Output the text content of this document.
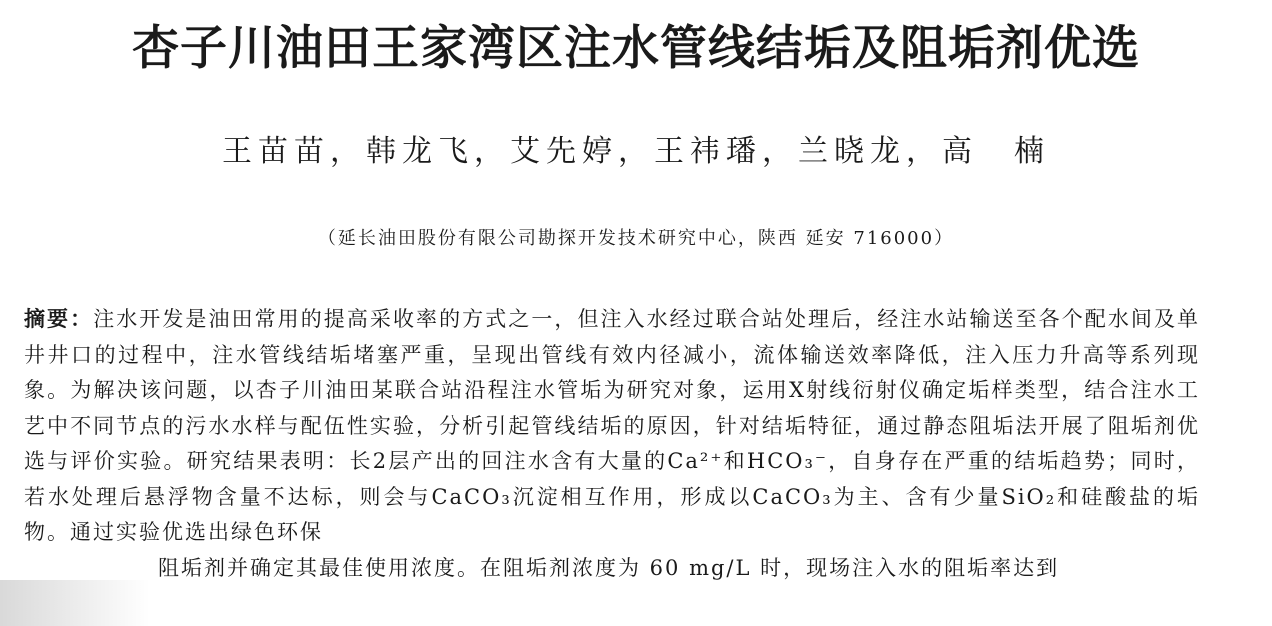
杏子川油田王家湾区注水管线结垢及阻垢剂优选
王苗苗，韩龙飞，艾先婷，王祎璠，兰晓龙，高　楠
（延长油田股份有限公司勘探开发技术研究中心，陕西 延安 716000）
摘要：注水开发是油田常用的提高采收率的方式之一，但注入水经过联合站处理后，经注水站输送至各个配水间及单井井口的过程中，注水管线结垢堵塞严重，呈现出管线有效内径减小，流体输送效率降低，注入压力升高等系列现象。为解决该问题，以杏子川油田某联合站沿程注水管垢为研究对象，运用X射线衍射仪确定垢样类型，结合注水工艺中不同节点的污水水样与配伍性实验，分析引起管线结垢的原因，针对结垢特征，通过静态阻垢法开展了阻垢剂优选与评价实验。研究结果表明：长2层产出的回注水含有大量的Ca²⁺和HCO₃⁻，自身存在严重的结垢趋势；同时，若水处理后悬浮物含量不达标，则会与CaCO₃沉淀相互作用，形成以CaCO₃为主、含有少量SiO₂和硅酸盐的垢物。通过实验优选出绿色环保
阻垢剂并确定其最佳使用浓度。在阻垢剂浓度为 60 mg/L 时，现场注入水的阻垢率达到
